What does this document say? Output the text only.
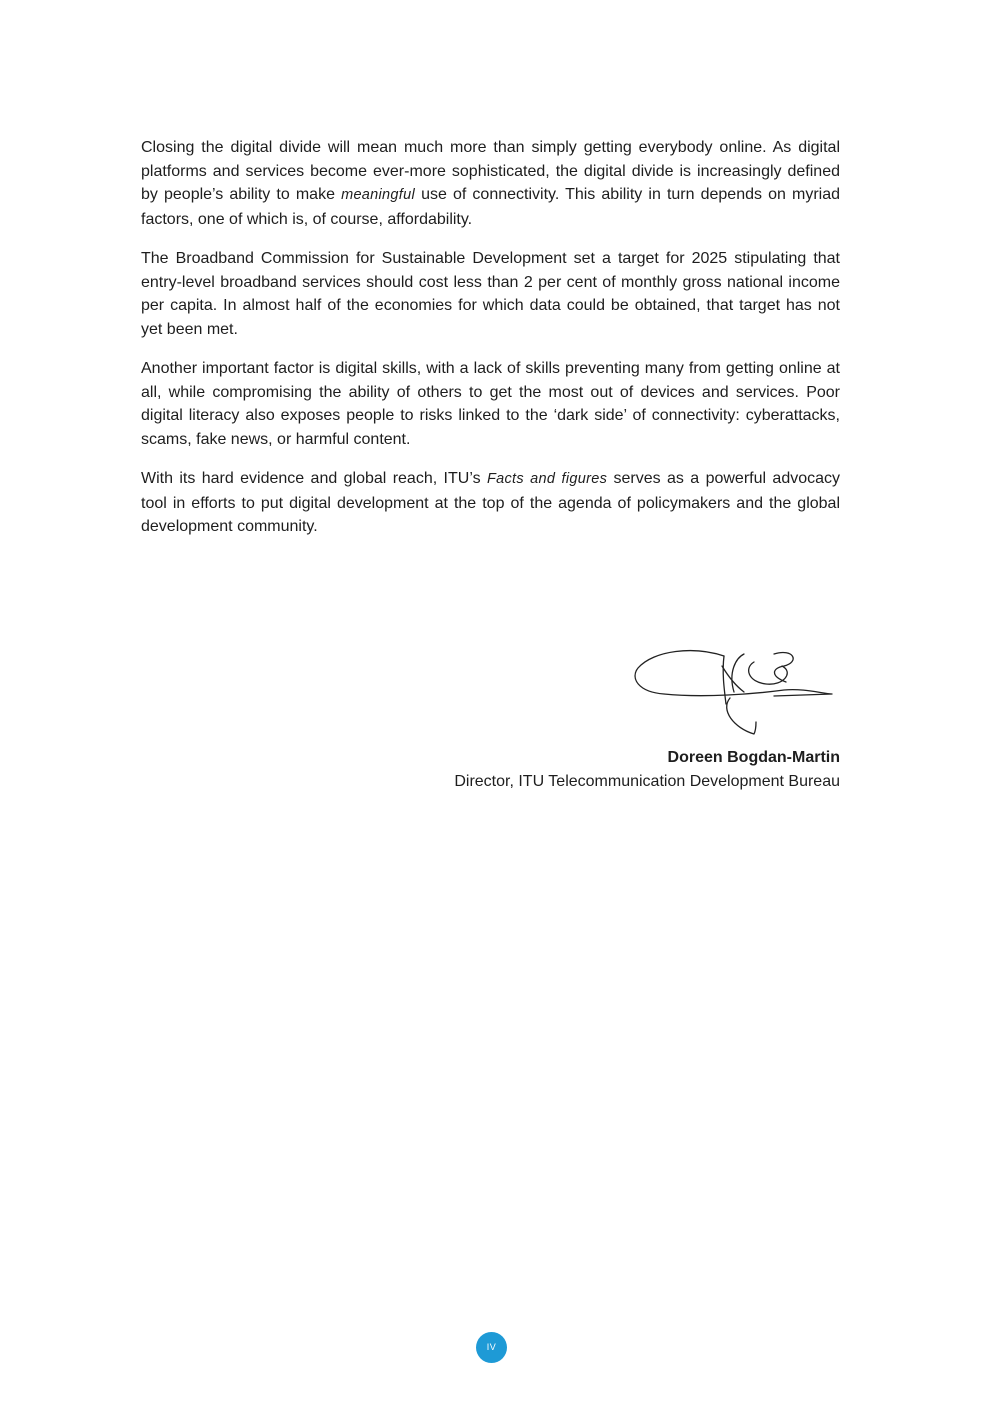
Closing the digital divide will mean much more than simply getting everybody online. As digital platforms and services become ever-more sophisticated, the digital divide is increasingly defined by people’s ability to make meaningful use of connectivity. This ability in turn depends on myriad factors, one of which is, of course, affordability.

The Broadband Commission for Sustainable Development set a target for 2025 stipulating that entry-level broadband services should cost less than 2 per cent of monthly gross national income per capita. In almost half of the economies for which data could be obtained, that target has not yet been met.

Another important factor is digital skills, with a lack of skills preventing many from getting online at all, while compromising the ability of others to get the most out of devices and services. Poor digital literacy also exposes people to risks linked to the ‘dark side’ of connectivity: cyberattacks, scams, fake news, or harmful content.

With its hard evidence and global reach, ITU’s Facts and figures serves as a powerful advocacy tool in efforts to put digital development at the top of the agenda of policymakers and the global development community.

Doreen Bogdan-Martin
Director, ITU Telecommunication Development Bureau
IV
